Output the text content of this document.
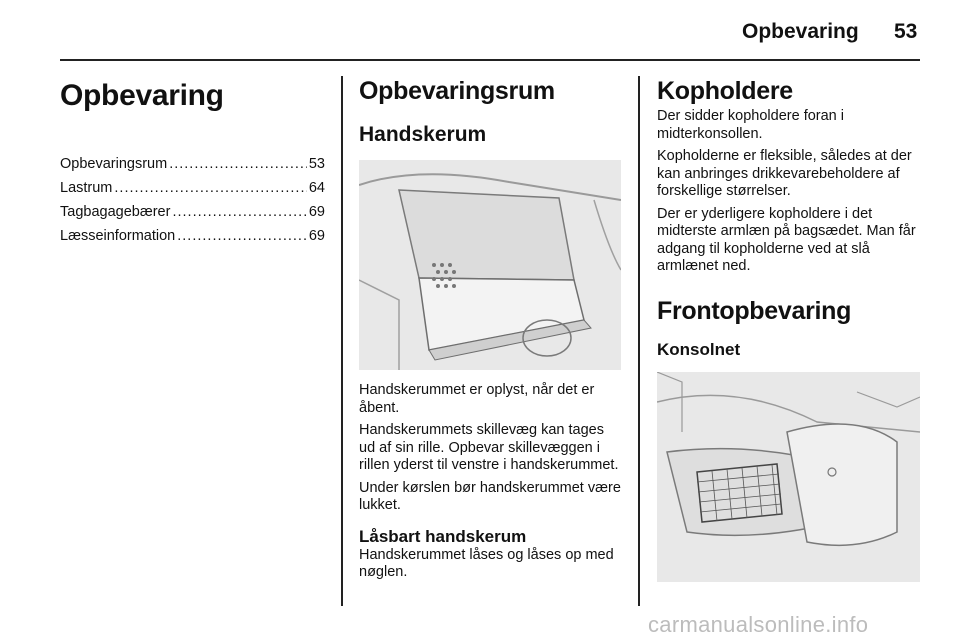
Opbevaring 53
Opbevaring
Opbevaringsrum .....	53
Lastrum .....	64
Tagbagagebærer .....	69
Læsseinformation .....	69
Opbevaringsrum
Handskerum
Handskerummet er oplyst, når det er åbent.
Handskerummets skillevæg kan tages ud af sin rille. Opbevar skillevæggen i rillen yderst til venstre i handskerummet.
Under kørslen bør handskerummet være lukket.
Låsbart handskerum
Handskerummet låses og låses op med nøglen.
Kopholdere
Der sidder kopholdere foran i midterkonsollen.
Kopholderne er fleksible, således at der kan anbringes drikkevarebeholdere af forskellige størrelser.
Der er yderligere kopholdere i det midterste armlæn på bagsædet. Man får adgang til kopholderne ved at slå armlænet ned.
Frontopbevaring
Konsolnet
carmanualsonline.info
